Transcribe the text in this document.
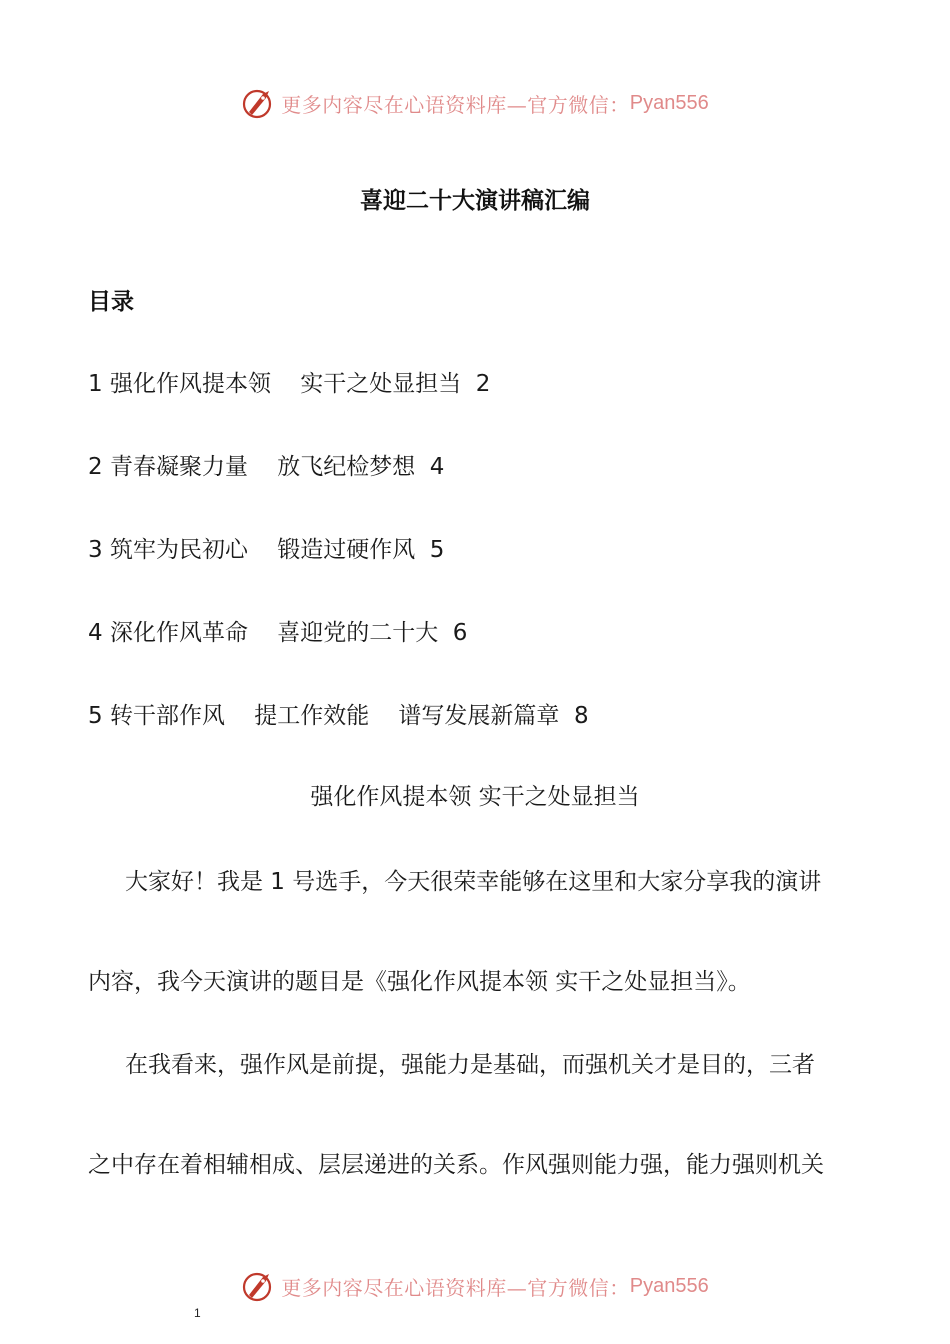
更多内容尽在心语资料库—官方微信： Pyan556
喜迎二十大演讲稿汇编
目录
1 强化作风提本领    实干之处显担当  2
2 青春凝聚力量    放飞纪检梦想  4
3 筑牢为民初心    锻造过硬作风  5
4 深化作风革命    喜迎党的二十大  6
5 转干部作风    提工作效能    谱写发展新篇章  8
强化作风提本领 实干之处显担当
大家好！我是 1 号选手，今天很荣幸能够在这里和大家分享我的演讲
内容，我今天演讲的题目是《强化作风提本领 实干之处显担当》。
在我看来，强作风是前提，强能力是基础，而强机关才是目的，三者
之中存在着相辅相成、层层递进的关系。作风强则能力强，能力强则机关
更多内容尽在心语资料库—官方微信： Pyan556
1
